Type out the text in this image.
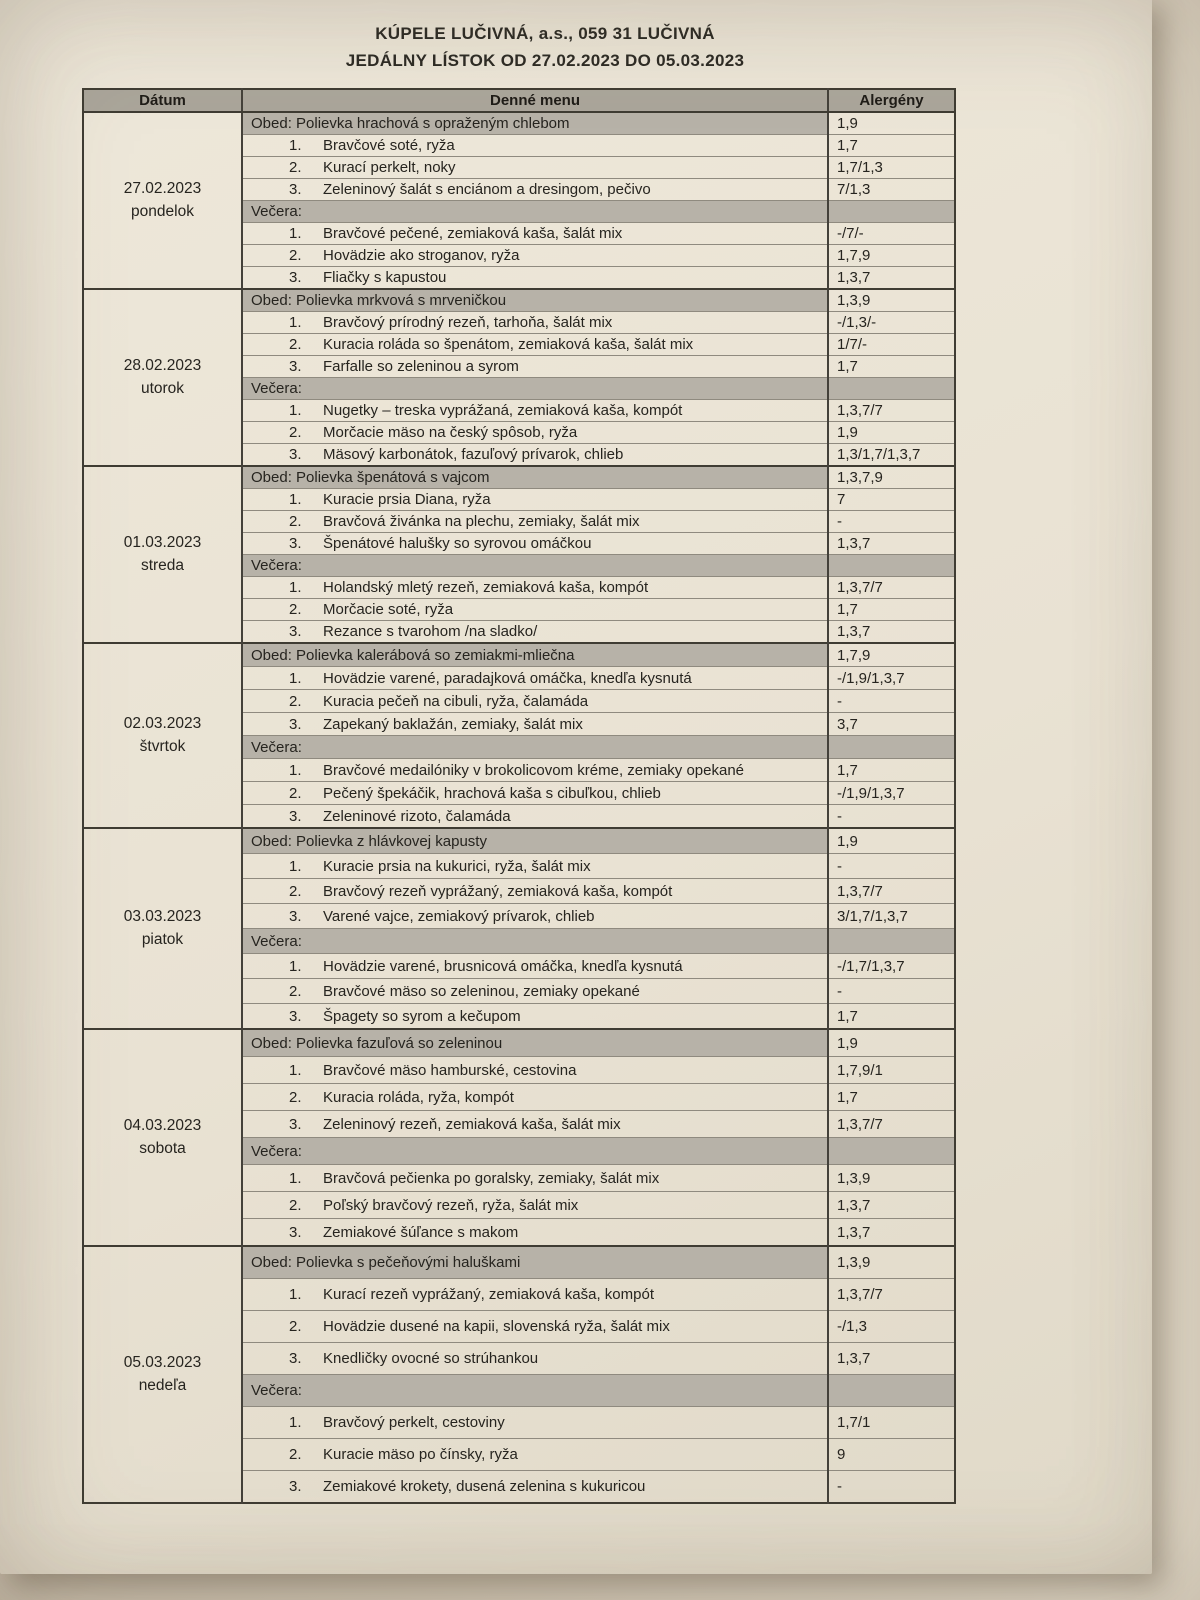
KÚPELE LUČIVNÁ, a.s., 059 31 LUČIVNÁ
JEDÁLNY LÍSTOK OD 27.02.2023 DO 05.03.2023
Dátum	Denné menu	Alergény

27.02.2023
pondelok	Obed: Polievka hrachová s opraženým chlebom	1,9
	1. Bravčové soté, ryža	1,7
	2. Kurací perkelt, noky	1,7/1,3
	3. Zeleninový šalát s enciánom a dresingom, pečivo	7/1,3
	Večera:	
	1. Bravčové pečené, zemiaková kaša, šalát mix	-/7/-
	2. Hovädzie ako stroganov, ryža	1,7,9
	3. Fliačky s kapustou	1,3,7

28.02.2023
utorok	Obed: Polievka mrkvová s mrveničkou	1,3,9
	1. Bravčový prírodný rezeň, tarhoňa, šalát mix	-/1,3/-
	2. Kuracia roláda so špenátom, zemiaková kaša, šalát mix	1/7/-
	3. Farfalle so zeleninou a syrom	1,7
	Večera:	
	1. Nugetky – treska vyprážaná, zemiaková kaša, kompót	1,3,7/7
	2. Morčacie mäso na český spôsob, ryža	1,9
	3. Mäsový karbonátok, fazuľový prívarok, chlieb	1,3/1,7/1,3,7

01.03.2023
streda	Obed: Polievka špenátová s vajcom	1,3,7,9
	1. Kuracie prsia Diana, ryža	7
	2. Bravčová živánka na plechu, zemiaky, šalát mix	-
	3. Špenátové halušky so syrovou omáčkou	1,3,7
	Večera:	
	1. Holandský mletý rezeň, zemiaková kaša, kompót	1,3,7/7
	2. Morčacie soté, ryža	1,7
	3. Rezance s tvarohom /na sladko/	1,3,7

02.03.2023
štvrtok	Obed: Polievka kalerábová so zemiakmi-mliečna	1,7,9
	1. Hovädzie varené, paradajková omáčka, knedľa kysnutá	-/1,9/1,3,7
	2. Kuracia pečeň na cibuli, ryža, čalamáda	-
	3. Zapekaný baklažán, zemiaky, šalát mix	3,7
	Večera:	
	1. Bravčové medailóniky v brokolicovom kréme, zemiaky opekané	1,7
	2. Pečený špekáčik, hrachová kaša s cibuľkou, chlieb	-/1,9/1,3,7
	3. Zeleninové rizoto, čalamáda	-

03.03.2023
piatok	Obed: Polievka z hlávkovej kapusty	1,9
	1. Kuracie prsia na kukurici, ryža, šalát mix	-
	2. Bravčový rezeň vyprážaný, zemiaková kaša, kompót	1,3,7/7
	3. Varené vajce, zemiakový prívarok, chlieb	3/1,7/1,3,7
	Večera:	
	1. Hovädzie varené, brusnicová omáčka, knedľa kysnutá	-/1,7/1,3,7
	2. Bravčové mäso so zeleninou, zemiaky opekané	-
	3. Špagety so syrom a kečupom	1,7

04.03.2023
sobota	Obed: Polievka fazuľová so zeleninou	1,9
	1. Bravčové mäso hamburské, cestovina	1,7,9/1
	2. Kuracia roláda, ryža, kompót	1,7
	3. Zeleninový rezeň, zemiaková kaša, šalát mix	1,3,7/7
	Večera:	
	1. Bravčová pečienka po goralsky, zemiaky, šalát mix	1,3,9
	2. Poľský bravčový rezeň, ryža, šalát mix	1,3,7
	3. Zemiakové šúľance s makom	1,3,7

05.03.2023
nedeľa	Obed: Polievka s pečeňovými haluškami	1,3,9
	1. Kurací rezeň vyprážaný, zemiaková kaša, kompót	1,3,7/7
	2. Hovädzie dusené na kapii, slovenská ryža, šalát mix	-/1,3
	3. Knedličky ovocné so strúhankou	1,3,7
	Večera:	
	1. Bravčový perkelt, cestoviny	1,7/1
	2. Kuracie mäso po čínsky, ryža	9
	3. Zemiakové krokety, dusená zelenina s kukuricou	-
